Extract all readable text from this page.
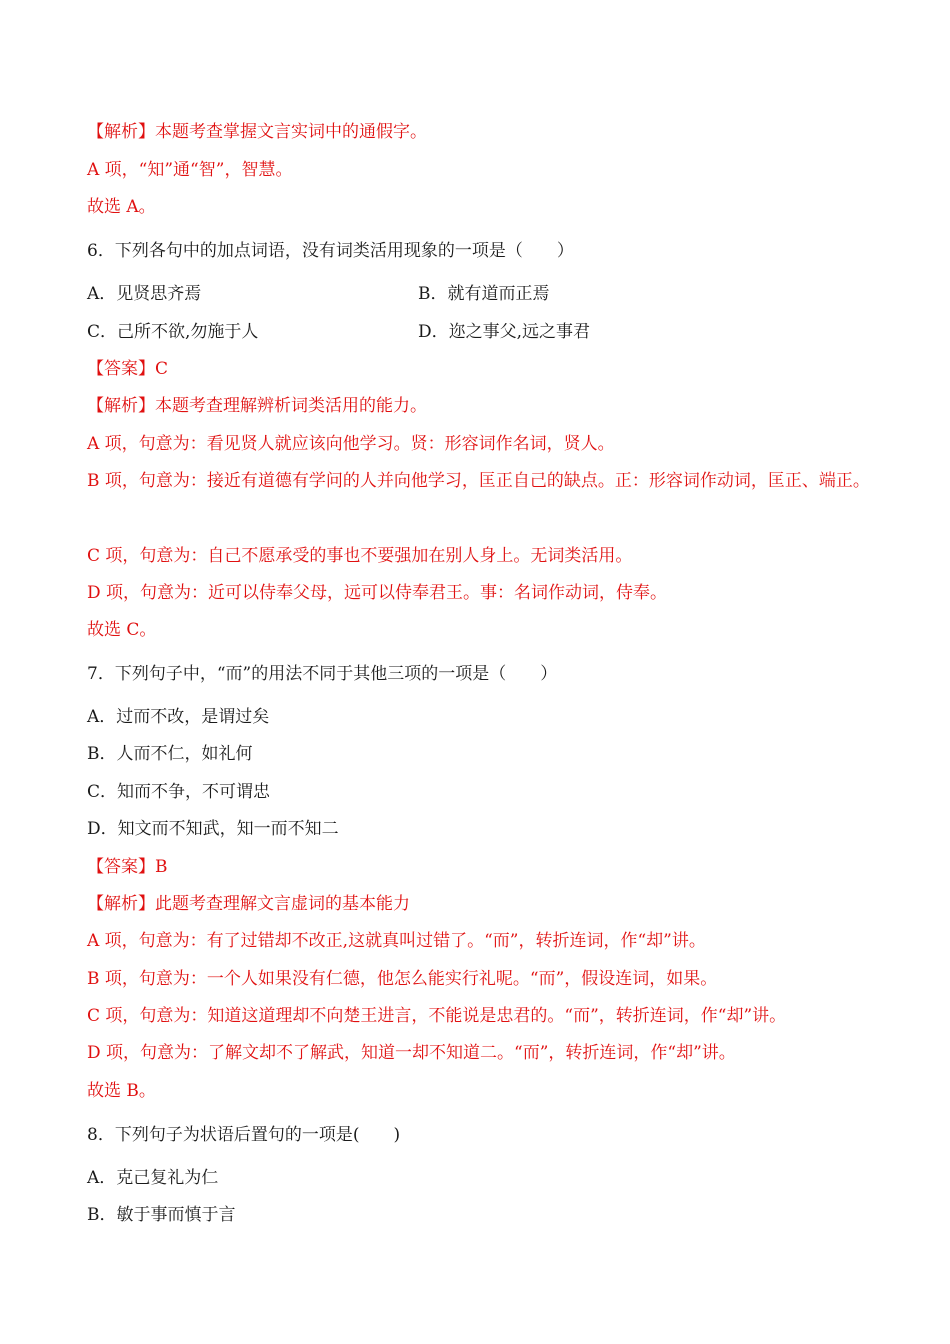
【解析】本题考查掌握文言实词中的通假字。
A 项，“知”通“智”，智慧。
故选 A。
6．下列各句中的加点词语，没有词类活用现象的一项是（　　）
A．见贤思齐焉	B．就有道而正焉
C．己所不欲,勿施于人	D．迩之事父,远之事君
【答案】C
【解析】本题考查理解辨析词类活用的能力。
A 项，句意为：看见贤人就应该向他学习。贤：形容词作名词，贤人。
B 项，句意为：接近有道德有学问的人并向他学习，匡正自己的缺点。正：形容词作动词，匡正、端正。
C 项，句意为：自己不愿承受的事也不要强加在别人身上。无词类活用。
D 项，句意为：近可以侍奉父母，远可以侍奉君王。事：名词作动词，侍奉。
故选 C。
7．下列句子中，“而”的用法不同于其他三项的一项是（　　）
A．过而不改，是谓过矣
B．人而不仁，如礼何
C．知而不争，不可谓忠
D．知文而不知武，知一而不知二
【答案】B
【解析】此题考查理解文言虚词的基本能力
A 项，句意为：有了过错却不改正,这就真叫过错了。“而”，转折连词，作“却”讲。
B 项，句意为：一个人如果没有仁德，他怎么能实行礼呢。“而”，假设连词，如果。
C 项，句意为：知道这道理却不向楚王进言，不能说是忠君的。“而”，转折连词，作“却”讲。
D 项，句意为：了解文却不了解武，知道一却不知道二。“而”，转折连词，作“却”讲。
故选 B。
8．下列句子为状语后置句的一项是(　　)
A．克己复礼为仁
B．敏于事而慎于言
